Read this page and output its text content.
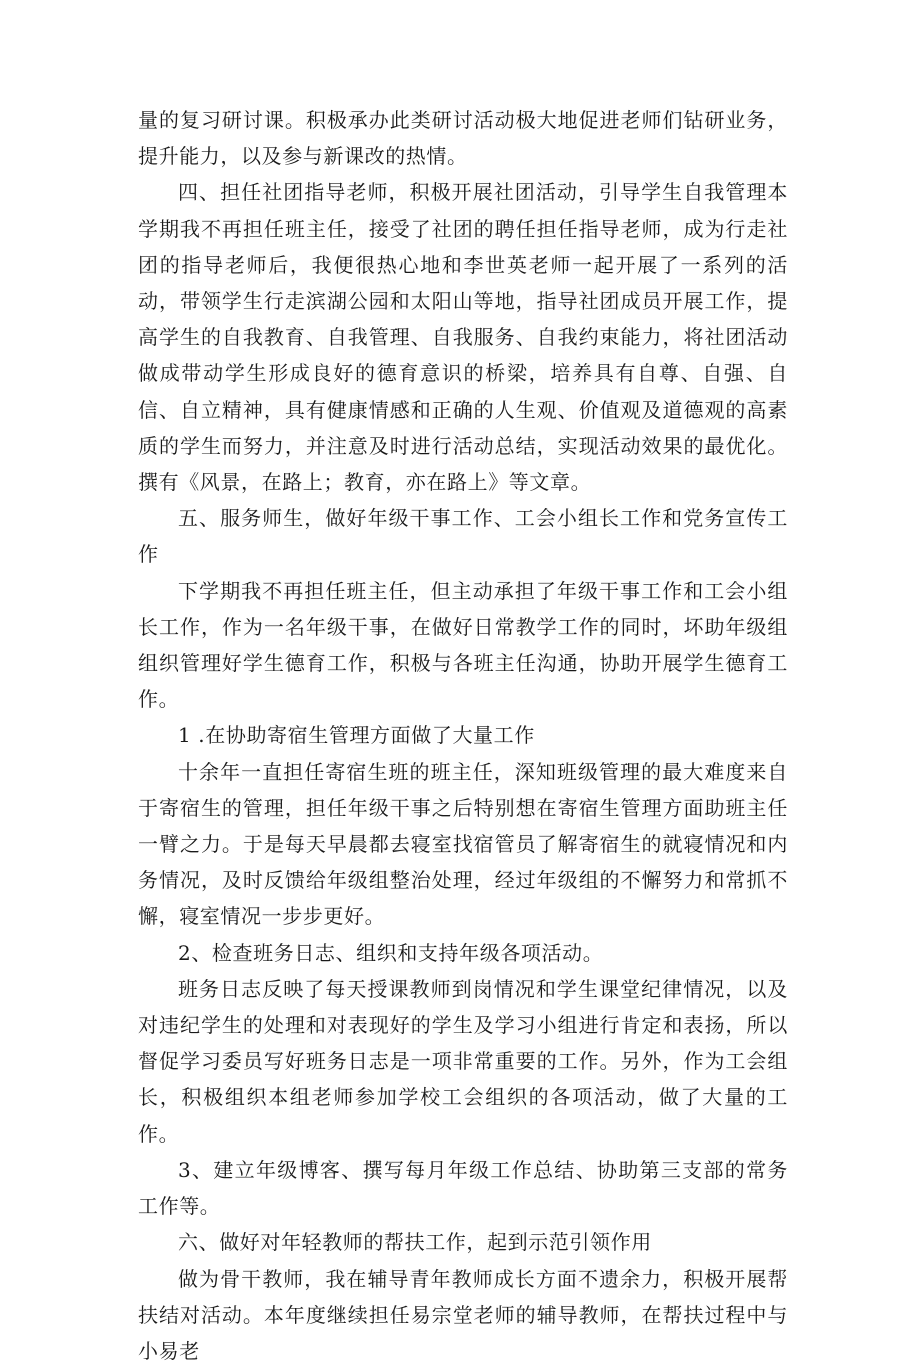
量的复习研讨课。积极承办此类研讨活动极大地促进老师们钻研业务，提升能力，以及参与新课改的热情。

四、担任社团指导老师，积极开展社团活动，引导学生自我管理本学期我不再担任班主任，接受了社团的聘任担任指导老师，成为行走社团的指导老师后，我便很热心地和李世英老师一起开展了一系列的活动，带领学生行走滨湖公园和太阳山等地，指导社团成员开展工作，提高学生的自我教育、自我管理、自我服务、自我约束能力，将社团活动做成带动学生形成良好的德育意识的桥梁，培养具有自尊、自强、自信、自立精神，具有健康情感和正确的人生观、价值观及道德观的高素质的学生而努力，并注意及时进行活动总结，实现活动效果的最优化。撰有《风景，在路上；教育，亦在路上》等文章。

五、服务师生，做好年级干事工作、工会小组长工作和党务宣传工作

下学期我不再担任班主任，但主动承担了年级干事工作和工会小组长工作，作为一名年级干事，在做好日常教学工作的同时，坏助年级组组织管理好学生德育工作，积极与各班主任沟通，协助开展学生德育工作。

1 .在协助寄宿生管理方面做了大量工作

十余年一直担任寄宿生班的班主任，深知班级管理的最大难度来自于寄宿生的管理，担任年级干事之后特别想在寄宿生管理方面助班主任一臂之力。于是每天早晨都去寝室找宿管员了解寄宿生的就寝情况和内务情况，及时反馈给年级组整治处理，经过年级组的不懈努力和常抓不懈，寝室情况一步步更好。

2、检查班务日志、组织和支持年级各项活动。

班务日志反映了每天授课教师到岗情况和学生课堂纪律情况，以及对违纪学生的处理和对表现好的学生及学习小组进行肯定和表扬，所以督促学习委员写好班务日志是一项非常重要的工作。另外，作为工会组长，积极组织本组老师参加学校工会组织的各项活动，做了大量的工作。

3、建立年级博客、撰写每月年级工作总结、协助第三支部的常务工作等。

六、做好对年轻教师的帮扶工作，起到示范引领作用

做为骨干教师，我在辅导青年教师成长方面不遗余力，积极开展帮扶结对活动。本年度继续担任易宗堂老师的辅导教师，在帮扶过程中与小易老
